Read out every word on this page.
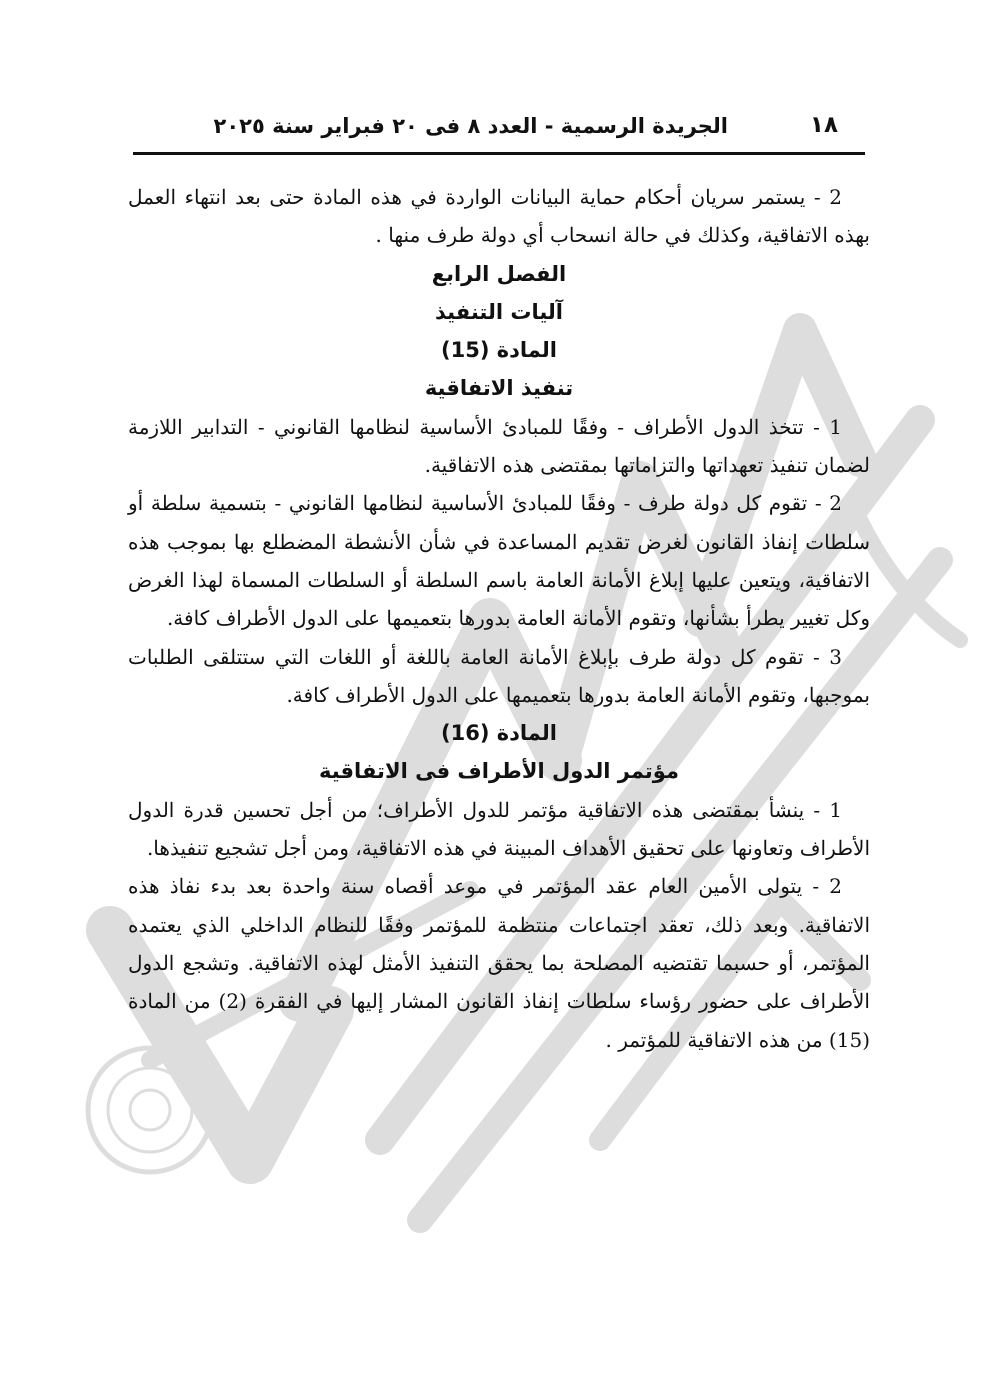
١٨
الجريدة الرسمية - العدد ٨ فى ٢٠ فبراير سنة ٢٠٢٥

2 - يستمر سريان أحكام حماية البيانات الواردة في هذه المادة حتى بعد انتهاء العمل بهذه الاتفاقية، وكذلك في حالة انسحاب أي دولة طرف منها .

الفصل الرابع

آليات التنفيذ

المادة (15)

تنفيذ الاتفاقية

1 - تتخذ الدول الأطراف - وفقًا للمبادئ الأساسية لنظامها القانوني - التدابير اللازمة لضمان تنفيذ تعهداتها والتزاماتها بمقتضى هذه الاتفاقية.

2 - تقوم كل دولة طرف - وفقًا للمبادئ الأساسية لنظامها القانوني - بتسمية سلطة أو سلطات إنفاذ القانون لغرض تقديم المساعدة في شأن الأنشطة المضطلع بها بموجب هذه الاتفاقية، ويتعين عليها إبلاغ الأمانة العامة باسم السلطة أو السلطات المسماة لهذا الغرض وكل تغيير يطرأ بشأنها، وتقوم الأمانة العامة بدورها بتعميمها على الدول الأطراف كافة.

3 - تقوم كل دولة طرف بإبلاغ الأمانة العامة باللغة أو اللغات التي ستتلقى الطلبات بموجبها، وتقوم الأمانة العامة بدورها بتعميمها على الدول الأطراف كافة.

المادة (16)

مؤتمر الدول الأطراف فى الاتفاقية

1 - ينشأ بمقتضى هذه الاتفاقية مؤتمر للدول الأطراف؛ من أجل تحسين قدرة الدول الأطراف وتعاونها على تحقيق الأهداف المبينة في هذه الاتفاقية، ومن أجل تشجيع تنفيذها.

2 - يتولى الأمين العام عقد المؤتمر في موعد أقصاه سنة واحدة بعد بدء نفاذ هذه الاتفاقية. وبعد ذلك، تعقد اجتماعات منتظمة للمؤتمر وفقًا للنظام الداخلي الذي يعتمده المؤتمر، أو حسبما تقتضيه المصلحة بما يحقق التنفيذ الأمثل لهذه الاتفاقية. وتشجع الدول الأطراف على حضور رؤساء سلطات إنفاذ القانون المشار إليها في الفقرة (2) من المادة (15) من هذه الاتفاقية للمؤتمر .
